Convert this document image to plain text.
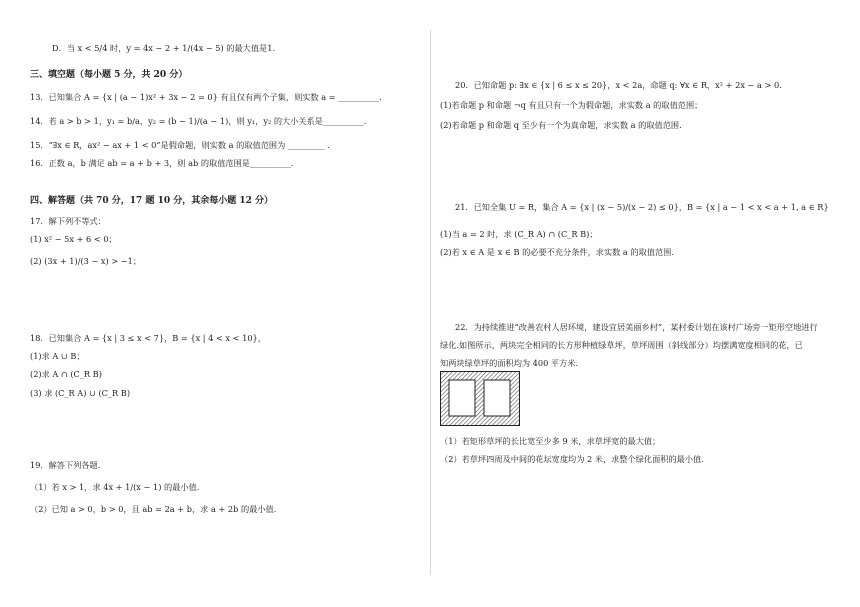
D．当 x < 5/4 时，y = 4x − 2 + 1/(4x − 5) 的最大值是1.
三、填空题（每小题 5 分，共 20 分）
13．已知集合 A = {x | (a − 1)x² + 3x − 2 = 0} 有且仅有两个子集，则实数 a = __________.
14．若 a > b > 1，y₁ = b/a，y₂ = (b − 1)/(a − 1)，则 y₁，y₂ 的大小关系是__________.
15．“∃x ∈ R，ax² − ax + 1 < 0”是假命题，则实数 a 的取值范围为 _________ .
16．正数 a，b 满足 ab = a + b + 3，则 ab 的取值范围是__________.
四、解答题（共 70 分，17 题 10 分，其余每小题 12 分）
17．解下列不等式：
(1) x² − 5x + 6 < 0；
(2) (3x + 1)/(3 − x) > −1；
18．已知集合 A = {x | 3 ≤ x < 7}，B = {x | 4 < x < 10}，
(1)求 A ∪ B；
(2)求 A ∩ (C_R B)
(3) 求 (C_R A) ∪ (C_R B)
19．解答下列各题.
（1）若 x > 1，求 4x + 1/(x − 1) 的最小值.
（2）已知 a > 0，b > 0，且 ab = 2a + b，求 a + 2b 的最小值.
20．已知命题 p: ∃x ∈ {x | 6 ≤ x ≤ 20}，x < 2a，命题 q: ∀x ∈ R，x² + 2x − a > 0.
(1)若命题 p 和命题 ¬q 有且只有一个为假命题，求实数 a 的取值范围；
(2)若命题 p 和命题 q 至少有一个为真命题，求实数 a 的取值范围.
21．已知全集 U = R，集合 A = {x | (x − 5)/(x − 2) ≤ 0}，B = {x | a − 1 < x < a + 1, a ∈ R}
(1)当 a = 2 时，求 (C_R A) ∩ (C_R B)；
(2)若 x ∈ A 是 x ∈ B 的必要不充分条件，求实数 a 的取值范围.
22．为持续推进“改善农村人居环境，建设宜居美丽乡村”，某村委计划在该村广场旁一矩形空地进行
绿化.如图所示，两块完全相同的长方形种植绿草坪，草坪周围（斜线部分）均摆满宽度相同的花，已
知两块绿草坪的面积均为 400 平方米.
（1）若矩形草坪的长比宽至少多 9 米，求草坪宽的最大值；
（2）若草坪四周及中间的花坛宽度均为 2 米，求整个绿化面积的最小值.
